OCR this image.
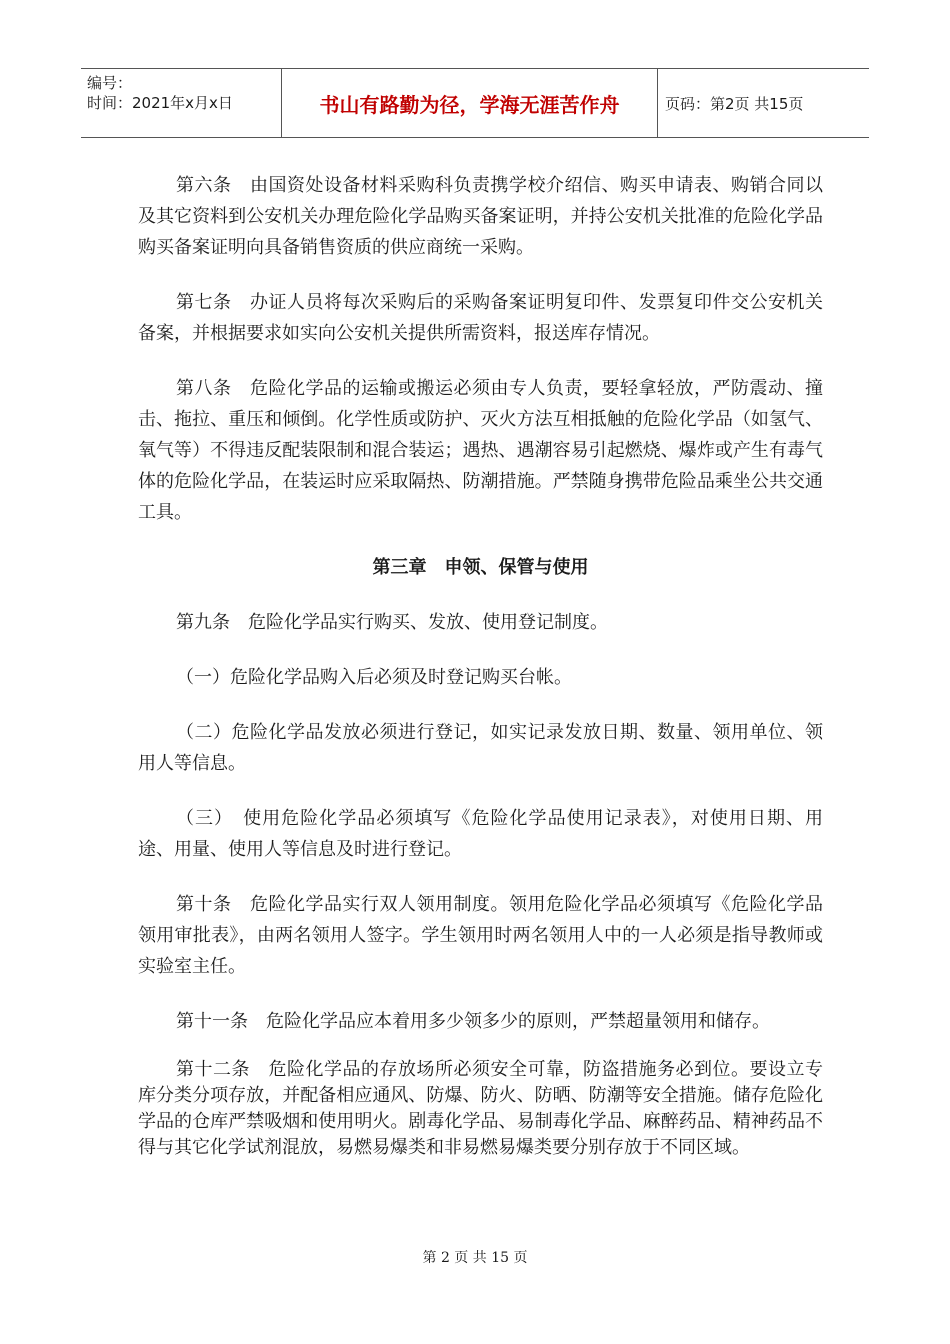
编号：
时间：2021年x月x日	书山有路勤为径，学海无涯苦作舟	页码：第2页 共15页

第六条　由国资处设备材料采购科负责携学校介绍信、购买申请表、购销合同以及其它资料到公安机关办理危险化学品购买备案证明，并持公安机关批准的危险化学品购买备案证明向具备销售资质的供应商统一采购。

第七条　办证人员将每次采购后的采购备案证明复印件、发票复印件交公安机关备案，并根据要求如实向公安机关提供所需资料，报送库存情况。

第八条　危险化学品的运输或搬运必须由专人负责，要轻拿轻放，严防震动、撞击、拖拉、重压和倾倒。化学性质或防护、灭火方法互相抵触的危险化学品（如氢气、氧气等）不得违反配装限制和混合装运；遇热、遇潮容易引起燃烧、爆炸或产生有毒气体的危险化学品，在装运时应采取隔热、防潮措施。严禁随身携带危险品乘坐公共交通工具。

第三章　申领、保管与使用

第九条　危险化学品实行购买、发放、使用登记制度。

（一）危险化学品购入后必须及时登记购买台帐。

（二）危险化学品发放必须进行登记，如实记录发放日期、数量、领用单位、领用人等信息。

（三）　使用危险化学品必须填写《危险化学品使用记录表》，对使用日期、用途、用量、使用人等信息及时进行登记。

第十条　危险化学品实行双人领用制度。领用危险化学品必须填写《危险化学品领用审批表》，由两名领用人签字。学生领用时两名领用人中的一人必须是指导教师或实验室主任。

第十一条　危险化学品应本着用多少领多少的原则，严禁超量领用和储存。

第十二条　危险化学品的存放场所必须安全可靠，防盗措施务必到位。要设立专库分类分项存放，并配备相应通风、防爆、防火、防晒、防潮等安全措施。储存危险化学品的仓库严禁吸烟和使用明火。剧毒化学品、易制毒化学品、麻醉药品、精神药品不得与其它化学试剂混放，易燃易爆类和非易燃易爆类要分别存放于不同区域。

第 2 页 共 15 页
